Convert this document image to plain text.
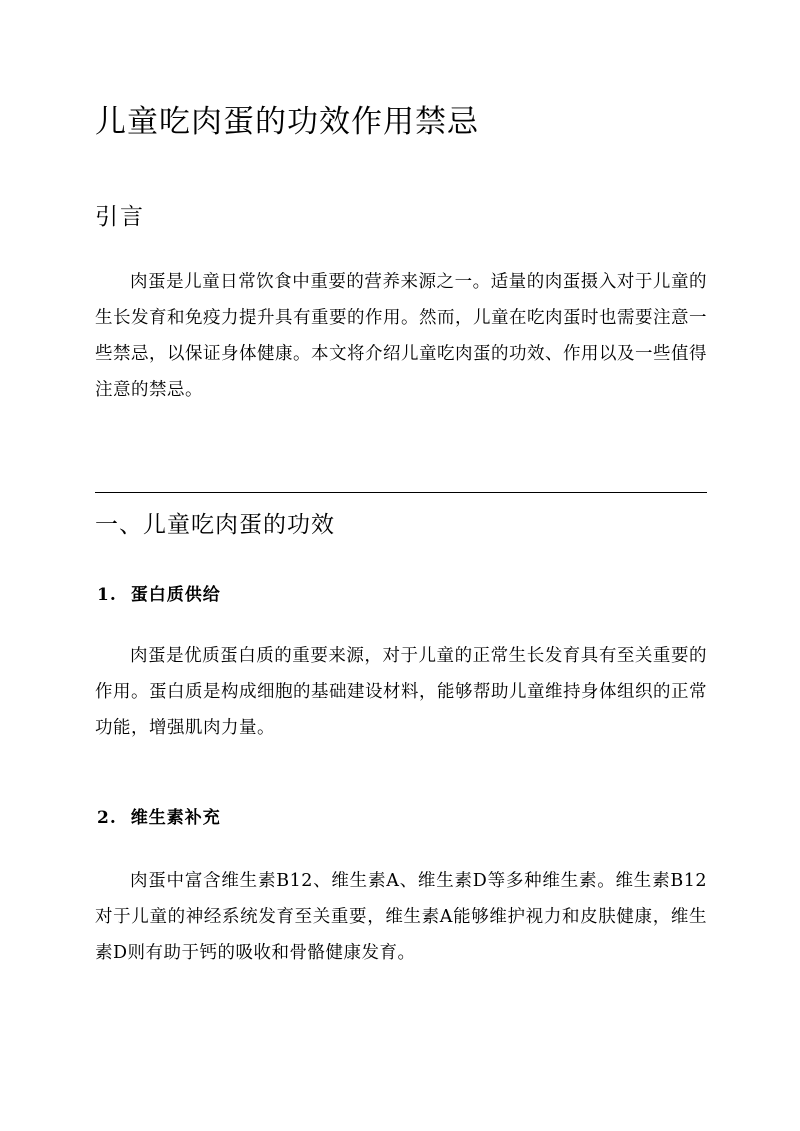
儿童吃肉蛋的功效作用禁忌
引言

肉蛋是儿童日常饮食中重要的营养来源之一。适量的肉蛋摄入对于儿童的生长发育和免疫力提升具有重要的作用。然而，儿童在吃肉蛋时也需要注意一些禁忌，以保证身体健康。本文将介绍儿童吃肉蛋的功效、作用以及一些值得注意的禁忌。

一、儿童吃肉蛋的功效
1. 蛋白质供给

肉蛋是优质蛋白质的重要来源，对于儿童的正常生长发育具有至关重要的作用。蛋白质是构成细胞的基础建设材料，能够帮助儿童维持身体组织的正常功能，增强肌肉力量。

2. 维生素补充

肉蛋中富含维生素B12、维生素A、维生素D等多种维生素。维生素B12对于儿童的神经系统发育至关重要，维生素A能够维护视力和皮肤健康，维生素D则有助于钙的吸收和骨骼健康发育。
